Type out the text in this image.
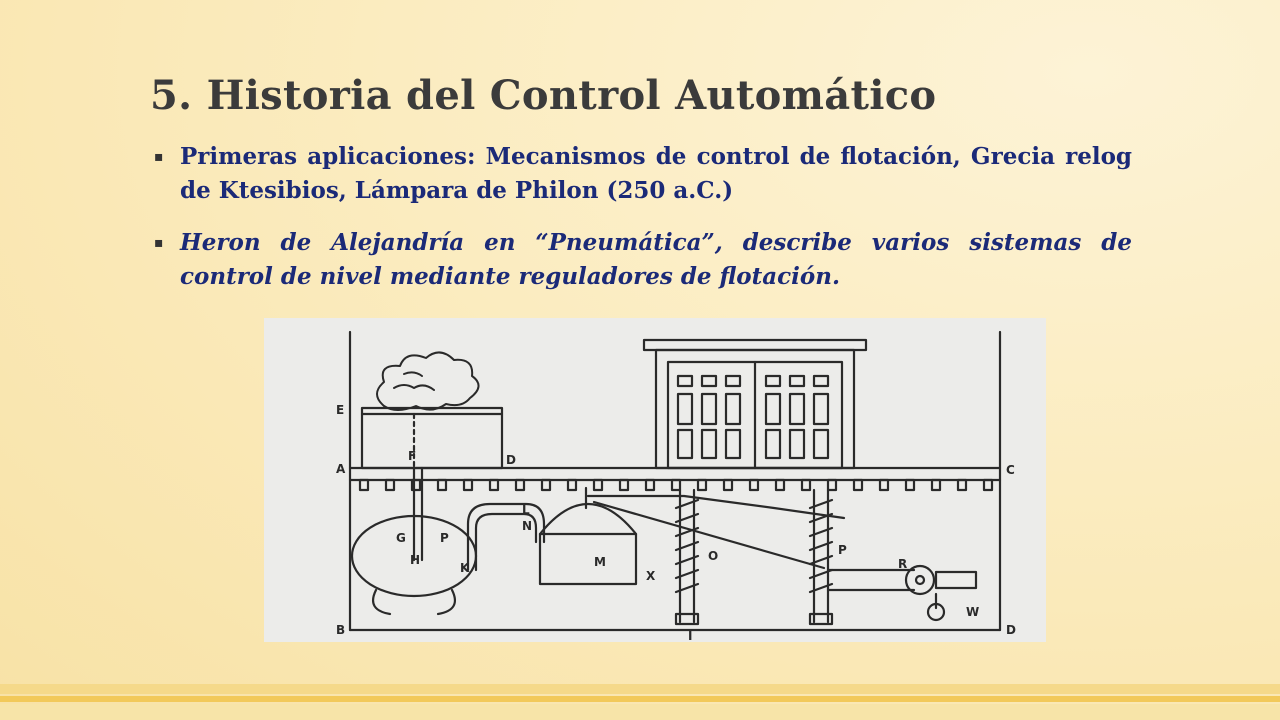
5. Historia del Control Automático
▪ Primeras aplicaciones: Mecanismos de control de flotación, Grecia relog de Ktesibios, Lámpara de Philon (250 a.C.)
▪ Heron de Alejandría en “Pneumática”, describe varios sistemas de control de nivel mediante reguladores de flotación.
E
A
F	D
C
L
N
G	P
H
K	M
X
O	P
R
W
B	I	D
